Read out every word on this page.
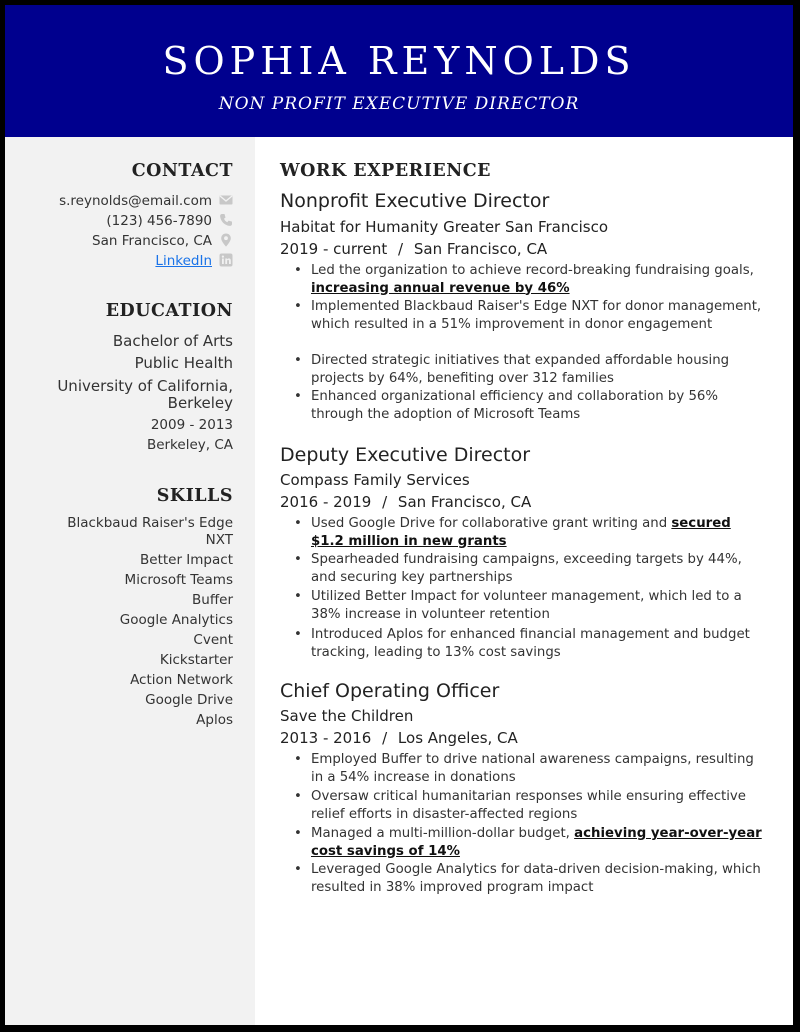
SOPHIA REYNOLDS
NON PROFIT EXECUTIVE DIRECTOR
CONTACT
s.reynolds@email.com
(123) 456-7890
San Francisco, CA
LinkedIn
EDUCATION
Bachelor of Arts
Public Health
University of California,
Berkeley
2009 - 2013
Berkeley, CA
SKILLS
Blackbaud Raiser's Edge
NXT
Better Impact
Microsoft Teams
Buffer
Google Analytics
Cvent
Kickstarter
Action Network
Google Drive
Aplos
WORK EXPERIENCE
Nonprofit Executive Director
Habitat for Humanity Greater San Francisco
2019 - current / San Francisco, CA
• Led the organization to achieve record-breaking fundraising goals, increasing annual revenue by 46%
• Implemented Blackbaud Raiser's Edge NXT for donor management, which resulted in a 51% improvement in donor engagement
• Directed strategic initiatives that expanded affordable housing projects by 64%, benefiting over 312 families
• Enhanced organizational efficiency and collaboration by 56% through the adoption of Microsoft Teams
Deputy Executive Director
Compass Family Services
2016 - 2019 / San Francisco, CA
• Used Google Drive for collaborative grant writing and secured $1.2 million in new grants
• Spearheaded fundraising campaigns, exceeding targets by 44%, and securing key partnerships
• Utilized Better Impact for volunteer management, which led to a 38% increase in volunteer retention
• Introduced Aplos for enhanced financial management and budget tracking, leading to 13% cost savings
Chief Operating Officer
Save the Children
2013 - 2016 / Los Angeles, CA
• Employed Buffer to drive national awareness campaigns, resulting in a 54% increase in donations
• Oversaw critical humanitarian responses while ensuring effective relief efforts in disaster-affected regions
• Managed a multi-million-dollar budget, achieving year-over-year cost savings of 14%
• Leveraged Google Analytics for data-driven decision-making, which resulted in 38% improved program impact
